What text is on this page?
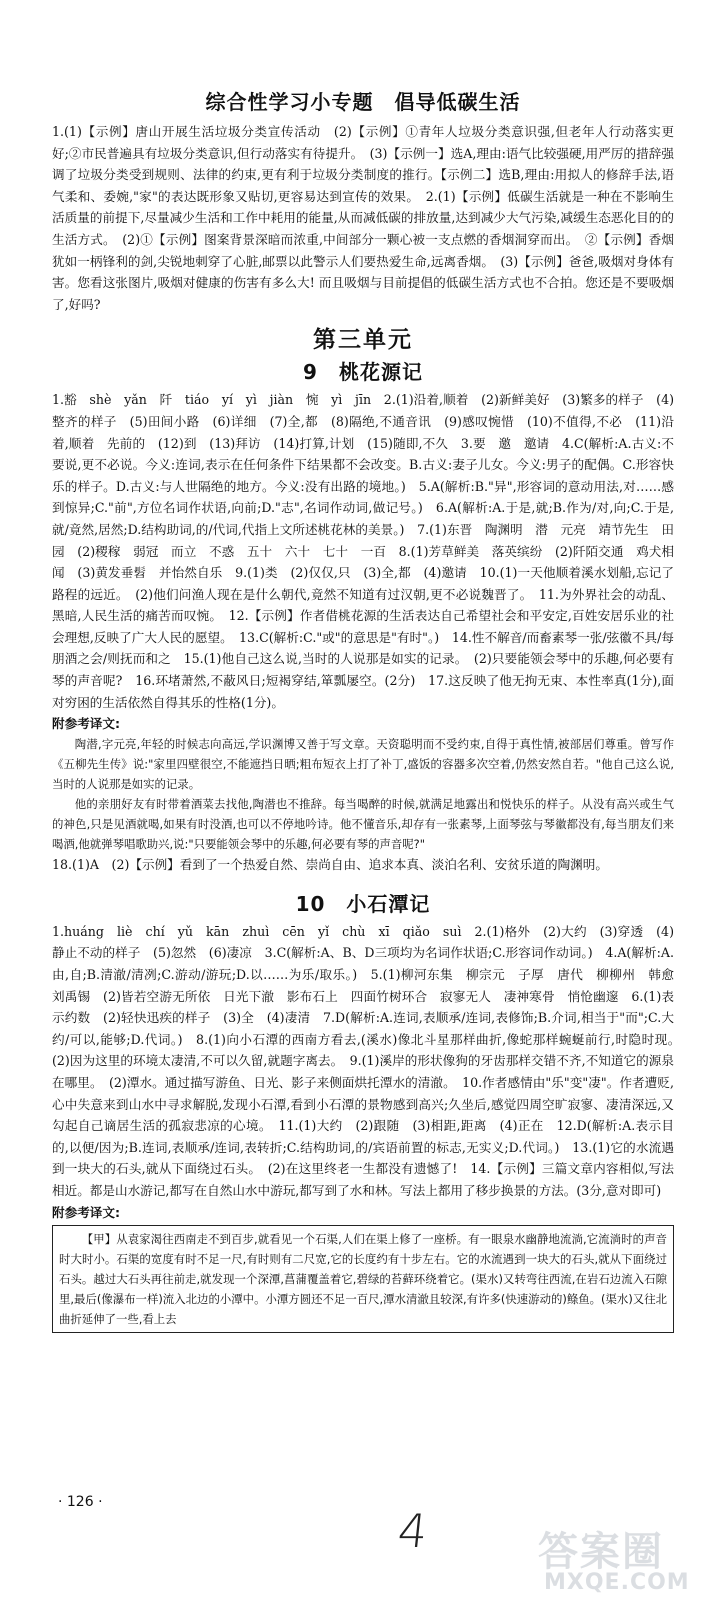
综合性学习小专题　倡导低碳生活

1.(1)【示例】唐山开展生活垃圾分类宣传活动　(2)【示例】①青年人垃圾分类意识强,但老年人行动落实更好;②市民普遍具有垃圾分类意识,但行动落实有待提升。　(3)【示例一】选A,理由:语气比较强硬,用严厉的措辞强调了垃圾分类受到规则、法律的约束,更有利于垃圾分类制度的推行。【示例二】选B,理由:用拟人的修辞手法,语气柔和、委婉,"家"的表达既形象又贴切,更容易达到宣传的效果。　2.(1)【示例】低碳生活就是一种在不影响生活质量的前提下,尽量减少生活和工作中耗用的能量,从而减低碳的排放量,达到减少大气污染,减缓生态恶化目的的生活方式。　(2)①【示例】图案背景深暗而浓重,中间部分一颗心被一支点燃的香烟洞穿而出。　②【示例】香烟犹如一柄锋利的剑,尖锐地刺穿了心脏,邮票以此警示人们要热爱生命,远离香烟。　(3)【示例】爸爸,吸烟对身体有害。您看这张图片,吸烟对健康的伤害有多么大! 而且吸烟与目前提倡的低碳生活方式也不合拍。您还是不要吸烟了,好吗?

第三单元
9　桃花源记

1.豁　shè　yǎn　阡　tiáo　yí　yì　jiàn　惋　yì　jīn　2.(1)沿着,顺着　(2)新鲜美好　(3)繁多的样子　(4)整齐的样子　(5)田间小路　(6)详细　(7)全,都　(8)隔绝,不通音讯　(9)感叹惋惜　(10)不值得,不必　(11)沿着,顺着　先前的　(12)到　(13)拜访　(14)打算,计划　(15)随即,不久　3.要　邀　邀请　4.C(解析:A.古义:不要说,更不必说。今义:连词,表示在任何条件下结果都不会改变。B.古义:妻子儿女。今义:男子的配偶。C.形容快乐的样子。D.古义:与人世隔绝的地方。今义:没有出路的境地。)　5.A(解析:B."异",形容词的意动用法,对……感到惊异;C."前",方位名词作状语,向前;D."志",名词作动词,做记号。)　6.A(解析:A.于是,就;B.作为/对,向;C.于是,就/竟然,居然;D.结构助词,的/代词,代指上文所述桃花林的美景。)　7.(1)东晋　陶渊明　潜　元亮　靖节先生　田园　(2)稷稼　弱冠　而立　不惑　五十　六十　七十　一百　8.(1)芳草鲜美　落英缤纷　(2)阡陌交通　鸡犬相闻　(3)黄发垂髫　并怡然自乐　9.(1)类　(2)仅仅,只　(3)全,都　(4)邀请　10.(1)一天他顺着溪水划船,忘记了路程的远近。　(2)他们问渔人现在是什么朝代,竟然不知道有过汉朝,更不必说魏晋了。　11.为外界社会的动乱、黑暗,人民生活的痛苦而叹惋。　12.【示例】作者借桃花源的生活表达自己希望社会和平安定,百姓安居乐业的社会理想,反映了广大人民的愿望。　13.C(解析:C."或"的意思是"有时"。)　14.性不解音/而畜素琴一张/弦徽不具/每朋酒之会/则抚而和之　15.(1)他自己这么说,当时的人说那是如实的记录。　(2)只要能领会琴中的乐趣,何必要有琴的声音呢?　16.环堵萧然,不蔽风日;短褐穿结,箪瓢屡空。(2分)　17.这反映了他无拘无束、本性率真(1分),面对穷困的生活依然自得其乐的性格(1分)。

附参考译文:

陶潜,字元亮,年轻的时候志向高远,学识渊博又善于写文章。天资聪明而不受约束,自得于真性情,被部居们尊重。曾写作《五柳先生传》说:"家里四壁很空,不能遮挡日晒;粗布短衣上打了补丁,盛饭的容器多次空着,仍然安然自若。"他自己这么说,当时的人说那是如实的记录。

他的亲朋好友有时带着酒菜去找他,陶潜也不推辞。每当喝醉的时候,就满足地露出和悦快乐的样子。从没有高兴或生气的神色,只是见酒就喝,如果有时没酒,也可以不停地吟诗。他不懂音乐,却存有一张素琴,上面琴弦与琴徽都没有,每当朋友们来喝酒,他就弹琴唱歌助兴,说:"只要能领会琴中的乐趣,何必要有琴的声音呢?"

18.(1)A　(2)【示例】看到了一个热爱自然、崇尚自由、追求本真、淡泊名利、安贫乐道的陶渊明。

10　小石潭记

1.huáng　liè　chí　yǔ　kān　zhuì　cēn　yǐ　chù　xī　qiǎo　suì　2.(1)格外　(2)大约　(3)穿透　(4)静止不动的样子　(5)忽然　(6)凄凉　3.C(解析:A、B、D三项均为名词作状语;C.形容词作动词。)　4.A(解析:A.由,自;B.清澈/清冽;C.游动/游玩;D.以……为乐/取乐。)　5.(1)柳河东集　柳宗元　子厚　唐代　柳柳州　韩愈　刘禹锡　(2)皆若空游无所依　日光下澈　影布石上　四面竹树环合　寂寥无人　凄神寒骨　悄怆幽邃　6.(1)表示约数　(2)轻快迅疾的样子　(3)全　(4)凄清　7.D(解析:A.连词,表顺承/连词,表修饰;B.介词,相当于"而";C.大约/可以,能够;D.代词。)　8.(1)向小石潭的西南方看去,(溪水)像北斗星那样曲折,像蛇那样蜿蜒前行,时隐时现。　(2)因为这里的环境太凄清,不可以久留,就题字离去。　9.(1)溪岸的形状像狗的牙齿那样交错不齐,不知道它的源泉在哪里。　(2)潭水。通过描写游鱼、日光、影子来侧面烘托潭水的清澈。　10.作者感情由"乐"变"凄"。作者遭贬,心中失意来到山水中寻求解脱,发现小石潭,看到小石潭的景物感到高兴;久坐后,感觉四周空旷寂寥、凄清深远,又勾起自己谪居生活的孤寂悲凉的心境。　11.(1)大约　(2)跟随　(3)相距,距离　(4)正在　12.D(解析:A.表示目的,以便/因为;B.连词,表顺承/连词,表转折;C.结构助词,的/宾语前置的标志,无实义;D.代词。)　13.(1)它的水流遇到一块大的石头,就从下面绕过石头。　(2)在这里终老一生都没有遗憾了!　14.【示例】三篇文章内容相似,写法相近。都是山水游记,都写在自然山水中游玩,都写到了水和林。写法上都用了移步换景的方法。(3分,意对即可)

附参考译文:

【甲】从袁家渴往西南走不到百步,就看见一个石渠,人们在渠上修了一座桥。有一眼泉水幽静地流淌,它流淌时的声音时大时小。石渠的宽度有时不足一尺,有时则有二尺宽,它的长度约有十步左右。它的水流遇到一块大的石头,就从下面绕过石头。越过大石头再往前走,就发现一个深潭,菖蒲覆盖着它,碧绿的苔藓环绕着它。(渠水)又转弯往西流,在岩石边流入石隙里,最后(像瀑布一样)流入北边的小潭中。小潭方圆还不足一百尺,潭水清澈且较深,有许多(快速游动的)鲦鱼。(渠水)又往北曲折延伸了一些,看上去

· 126 ·
4	答案圈
MXQE.COM
